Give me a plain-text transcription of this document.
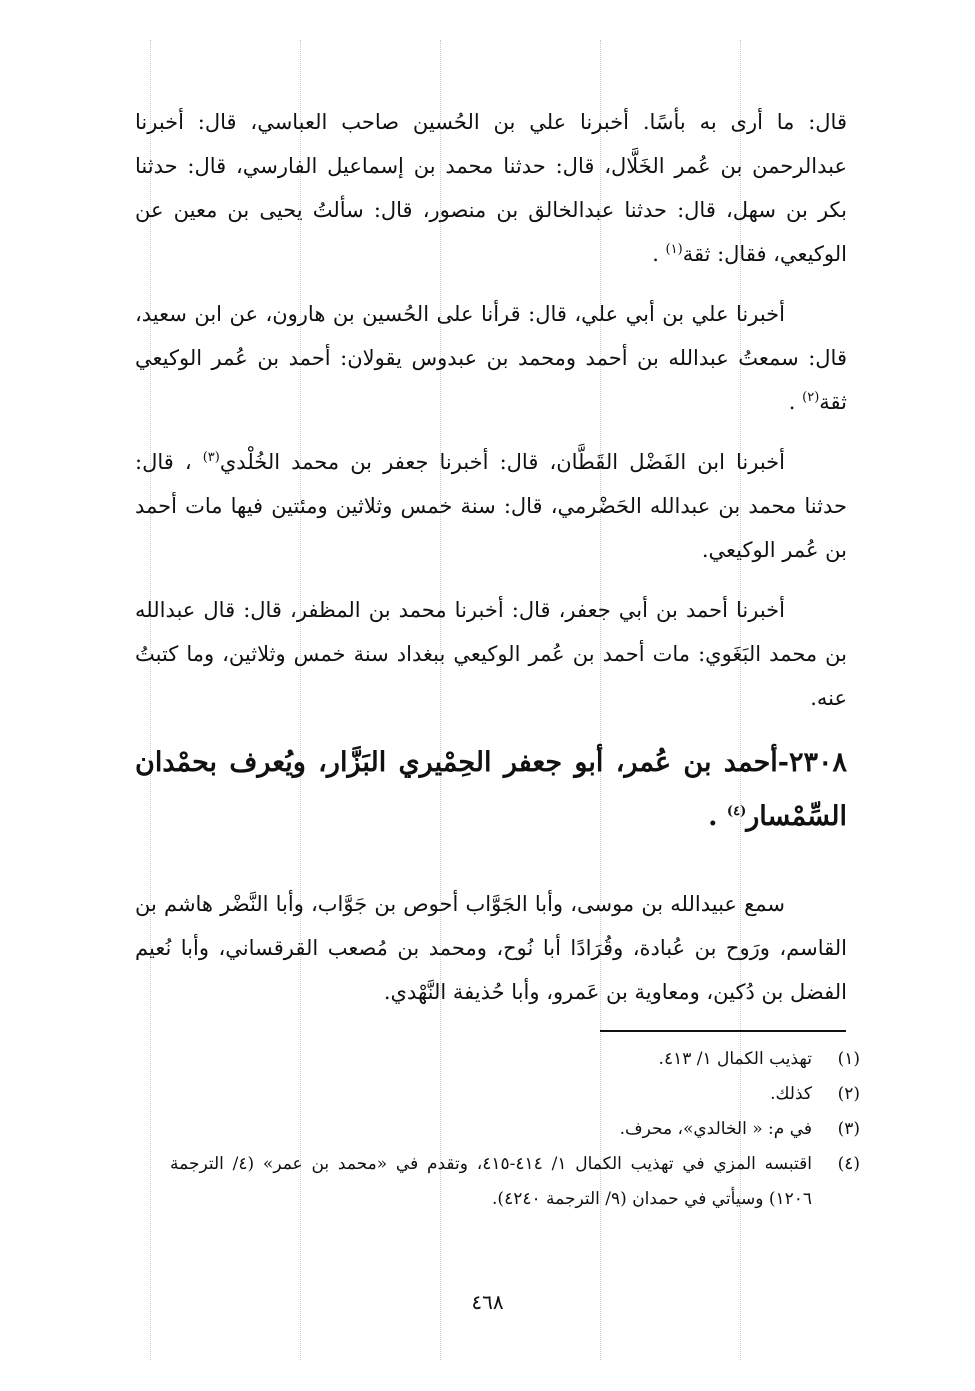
قال: ما أرى به بأسًا. أخبرنا علي بن الحُسين صاحب العباسي، قال: أخبرنا عبدالرحمن بن عُمر الخَلَّال، قال: حدثنا محمد بن إسماعيل الفارسي، قال: حدثنا بكر بن سهل، قال: حدثنا عبدالخالق بن منصور، قال: سألتُ يحيى بن معين عن الوكيعي، فقال: ثقة$^{(١)}$ .

أخبرنا علي بن أبي علي، قال: قرأنا على الحُسين بن هارون، عن ابن سعيد، قال: سمعتُ عبدالله بن أحمد ومحمد بن عبدوس يقولان: أحمد بن عُمر الوكيعي ثقة$^{(٢)}$ .

أخبرنا ابن الفَضْل القَطَّان، قال: أخبرنا جعفر بن محمد الخُلْدي$^{(٣)}$ ، قال: حدثنا محمد بن عبدالله الحَضْرمي، قال: سنة خمس وثلاثين ومئتين فيها مات أحمد بن عُمر الوكيعي.

أخبرنا أحمد بن أبي جعفر، قال: أخبرنا محمد بن المظفر، قال: قال عبدالله بن محمد البَغَوي: مات أحمد بن عُمر الوكيعي ببغداد سنة خمس وثلاثين، وما كتبتُ عنه.

٢٣٠٨-أحمد بن عُمر، أبو جعفر الحِمْيري البَزَّار، ويُعرف بحمْدان السِّمْسار$^{(٤)}$ .

سمع عبيدالله بن موسى، وأبا الجَوَّاب أحوص بن جَوَّاب، وأبا النَّضْر هاشم بن القاسم، ورَوح بن عُبادة، وقُرَادًا أبا نُوح، ومحمد بن مُصعب القرقساني، وأبا نُعيم الفضل بن دُكين، ومعاوية بن عَمرو، وأبا حُذيفة النَّهْدي.

(١)
تهذيب الكمال ١/ ٤١٣.
(٢)
كذلك.
(٣)
في م: « الخالدي»، محرف.
(٤)
اقتبسه المزي في تهذيب الكمال ١/ ٤١٤-٤١٥، وتقدم في «محمد بن عمر» (٤/ الترجمة ١٢٠٦) وسيأتي في حمدان (٩/ الترجمة ٤٢٤٠).
٤٦٨
